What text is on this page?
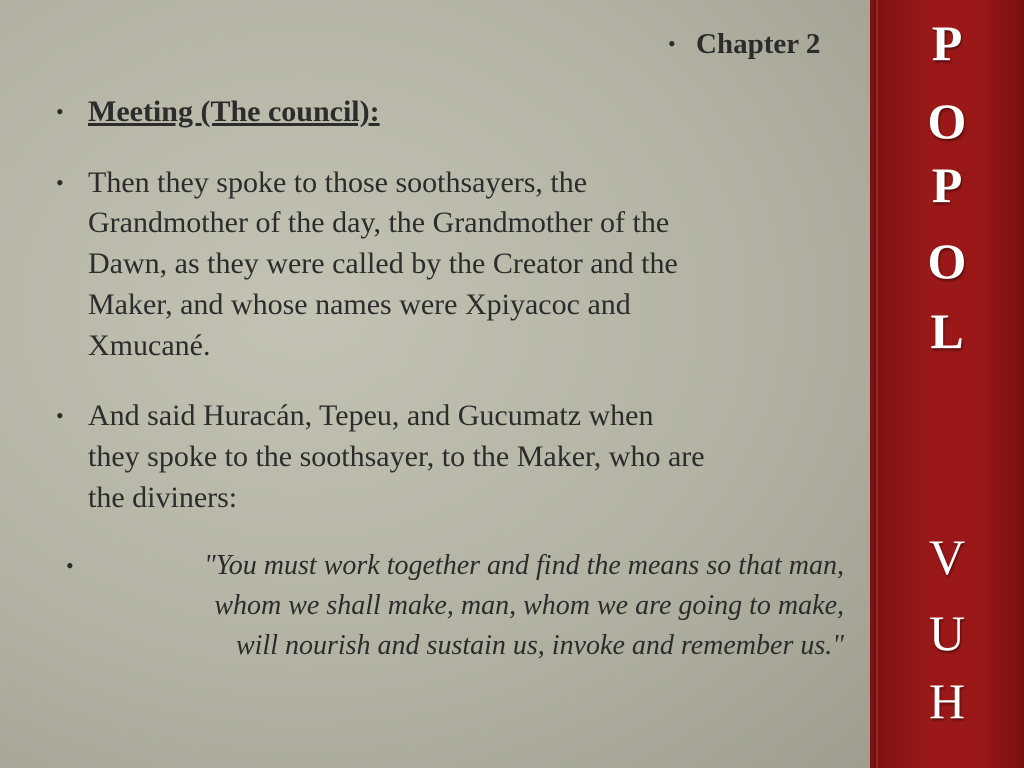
• Chapter 2
• Meeting (The council):
• Then they spoke to those soothsayers, the
Grandmother of the day, the Grandmother of the
Dawn, as they were called by the Creator and the
Maker, and whose names were Xpiyacoc and
Xmucané.
• And said Huracán, Tepeu, and Gucumatz when
they spoke to the soothsayer, to the Maker, who are
the diviners:
•	"You must work together and find the means so that man,
whom we shall make, man, whom we are going to make,
will nourish and sustain us, invoke and remember us."
P
O
P
O
L
V
U
H
